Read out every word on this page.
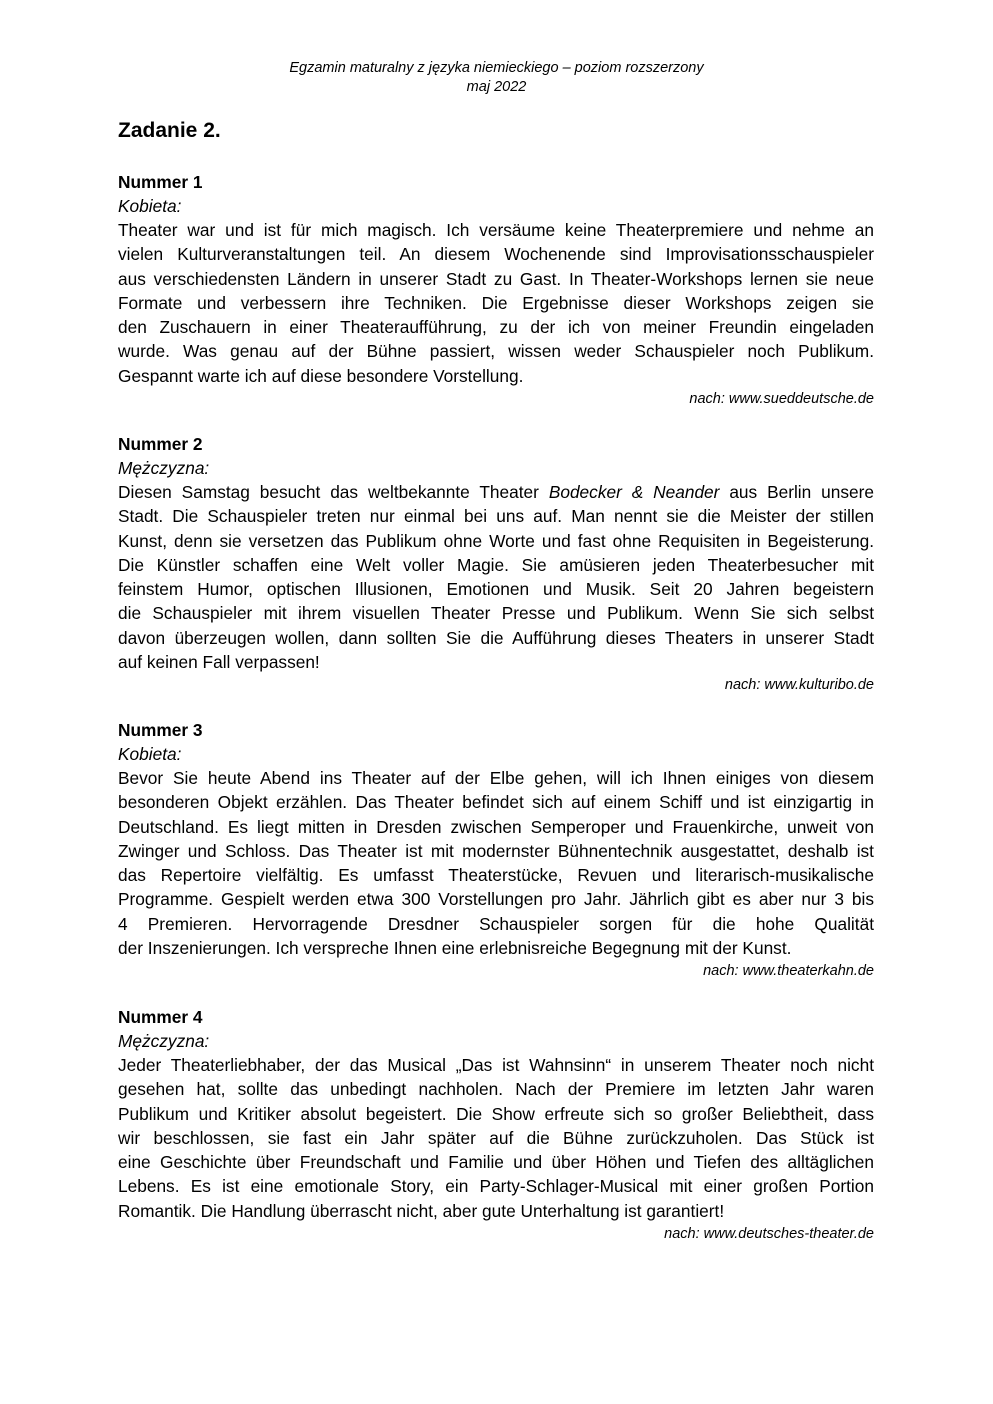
Egzamin maturalny z języka niemieckiego – poziom rozszerzony
maj 2022
Zadanie 2.
Nummer 1
Kobieta:

Theater war und ist für mich magisch. Ich versäume keine Theaterpremiere und nehme an
vielen Kulturveranstaltungen teil. An diesem Wochenende sind Improvisationsschauspieler
aus verschiedensten Ländern in unserer Stadt zu Gast. In Theater-Workshops lernen sie neue
Formate und verbessern ihre Techniken. Die Ergebnisse dieser Workshops zeigen sie
den Zuschauern in einer Theateraufführung, zu der ich von meiner Freundin eingeladen
wurde. Was genau auf der Bühne passiert, wissen weder Schauspieler noch Publikum.
Gespannt warte ich auf diese besondere Vorstellung.

nach: www.sueddeutsche.de
Nummer 2
Mężczyzna:

Diesen Samstag besucht das weltbekannte Theater Bodecker & Neander aus Berlin unsere
Stadt. Die Schauspieler treten nur einmal bei uns auf. Man nennt sie die Meister der stillen
Kunst, denn sie versetzen das Publikum ohne Worte und fast ohne Requisiten in Begeisterung.
Die Künstler schaffen eine Welt voller Magie. Sie amüsieren jeden Theaterbesucher mit
feinstem Humor, optischen Illusionen, Emotionen und Musik. Seit 20 Jahren begeistern
die Schauspieler mit ihrem visuellen Theater Presse und Publikum. Wenn Sie sich selbst
davon überzeugen wollen, dann sollten Sie die Aufführung dieses Theaters in unserer Stadt
auf keinen Fall verpassen!

nach: www.kulturibo.de
Nummer 3
Kobieta:

Bevor Sie heute Abend ins Theater auf der Elbe gehen, will ich Ihnen einiges von diesem
besonderen Objekt erzählen. Das Theater befindet sich auf einem Schiff und ist einzigartig in
Deutschland. Es liegt mitten in Dresden zwischen Semperoper und Frauenkirche, unweit von
Zwinger und Schloss. Das Theater ist mit modernster Bühnentechnik ausgestattet, deshalb ist
das Repertoire vielfältig. Es umfasst Theaterstücke, Revuen und literarisch-musikalische
Programme. Gespielt werden etwa 300 Vorstellungen pro Jahr. Jährlich gibt es aber nur 3 bis
4 Premieren. Hervorragende Dresdner Schauspieler sorgen für die hohe Qualität
der Inszenierungen. Ich verspreche Ihnen eine erlebnisreiche Begegnung mit der Kunst.

nach: www.theaterkahn.de
Nummer 4
Mężczyzna:

Jeder Theaterliebhaber, der das Musical „Das ist Wahnsinn“ in unserem Theater noch nicht
gesehen hat, sollte das unbedingt nachholen. Nach der Premiere im letzten Jahr waren
Publikum und Kritiker absolut begeistert. Die Show erfreute sich so großer Beliebtheit, dass
wir beschlossen, sie fast ein Jahr später auf die Bühne zurückzuholen. Das Stück ist
eine Geschichte über Freundschaft und Familie und über Höhen und Tiefen des alltäglichen
Lebens. Es ist eine emotionale Story, ein Party-Schlager-Musical mit einer großen Portion
Romantik. Die Handlung überrascht nicht, aber gute Unterhaltung ist garantiert!

nach: www.deutsches-theater.de
